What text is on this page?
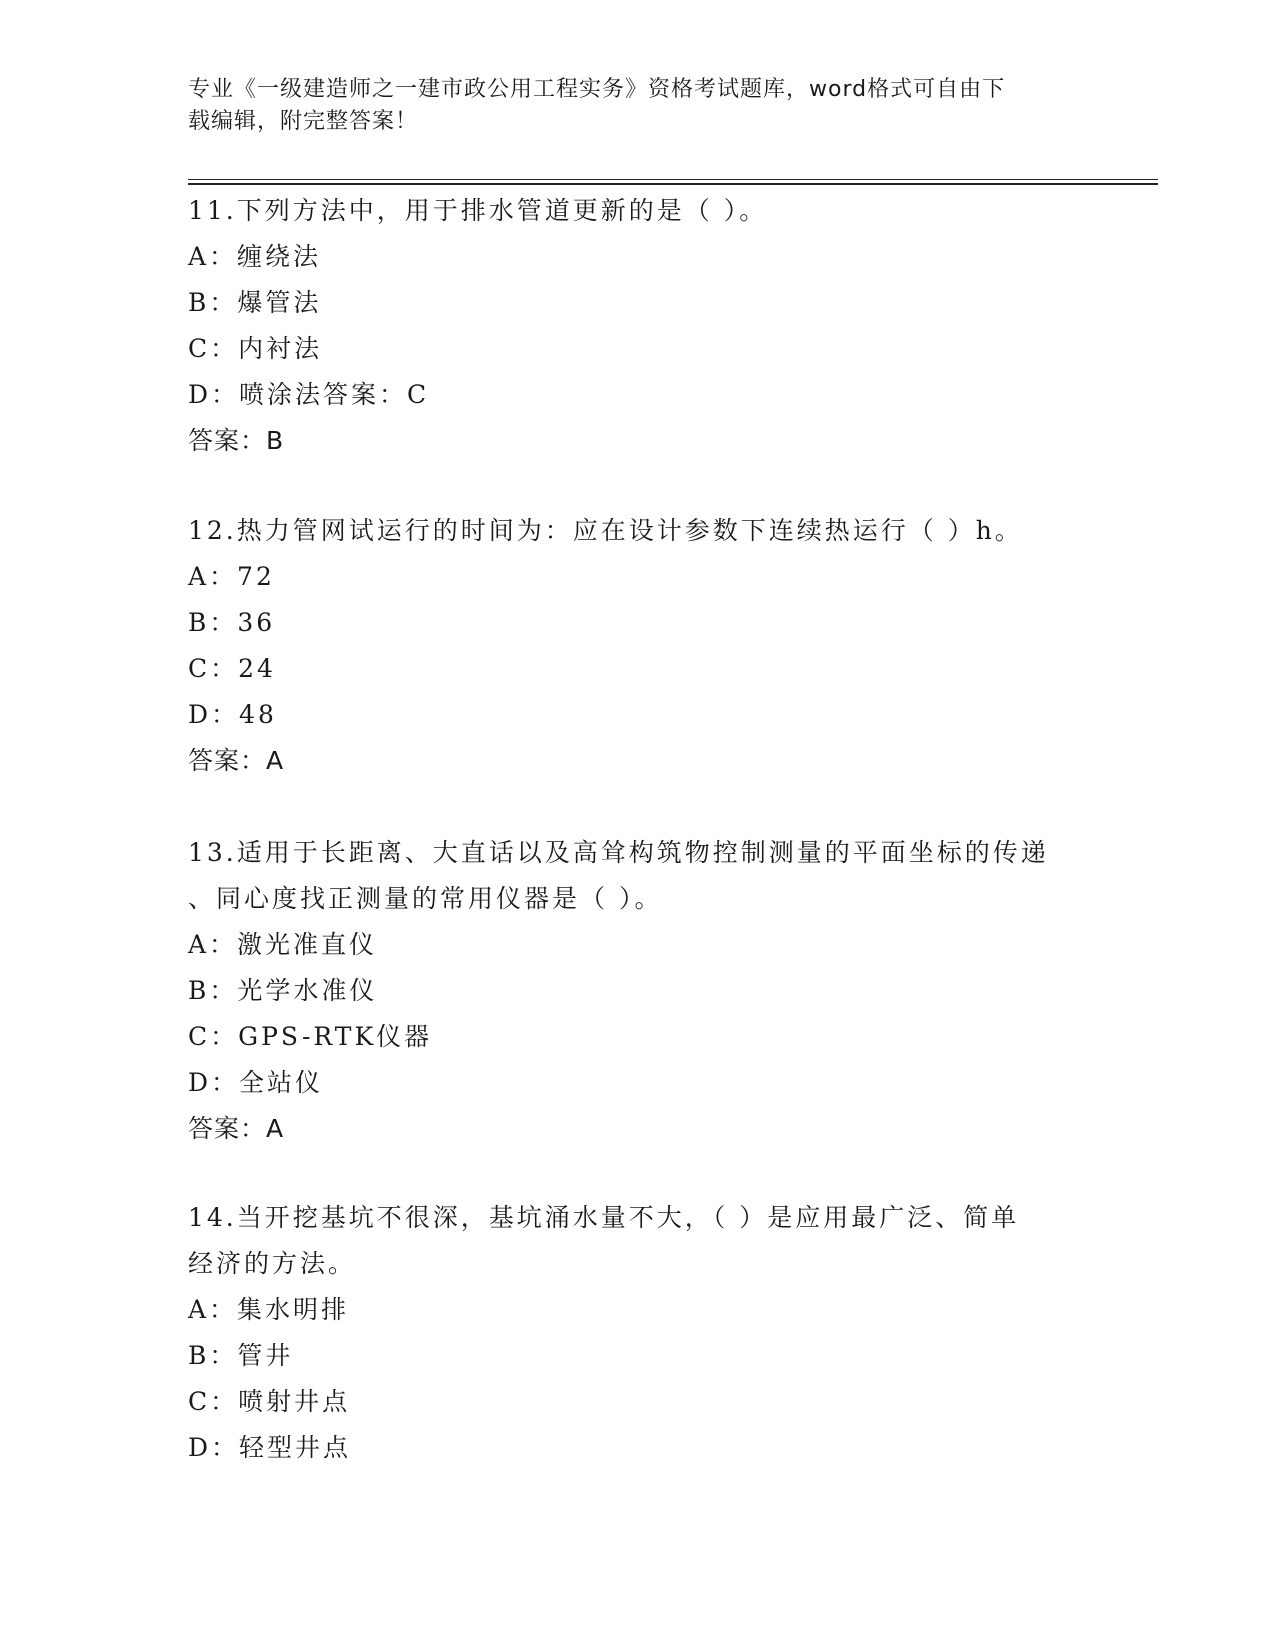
专业《一级建造师之一建市政公用工程实务》资格考试题库，word格式可自由下
载编辑，附完整答案！

11.下列方法中，用于排水管道更新的是（ ）。

A：缠绕法

B：爆管法

C：内衬法

D：喷涂法答案：C

答案：B

12.热力管网试运行的时间为：应在设计参数下连续热运行（ ）h。

A：72

B：36

C：24

D：48

答案：A

13.适用于长距离、大直话以及高耸构筑物控制测量的平面坐标的传递

、同心度找正测量的常用仪器是（ ）。

A：激光准直仪

B：光学水准仪

C：GPS-RTK仪器

D：全站仪

答案：A

14.当开挖基坑不很深，基坑涌水量不大，（ ）是应用最广泛、简单

经济的方法。

A：集水明排

B：管井

C：喷射井点

D：轻型井点
